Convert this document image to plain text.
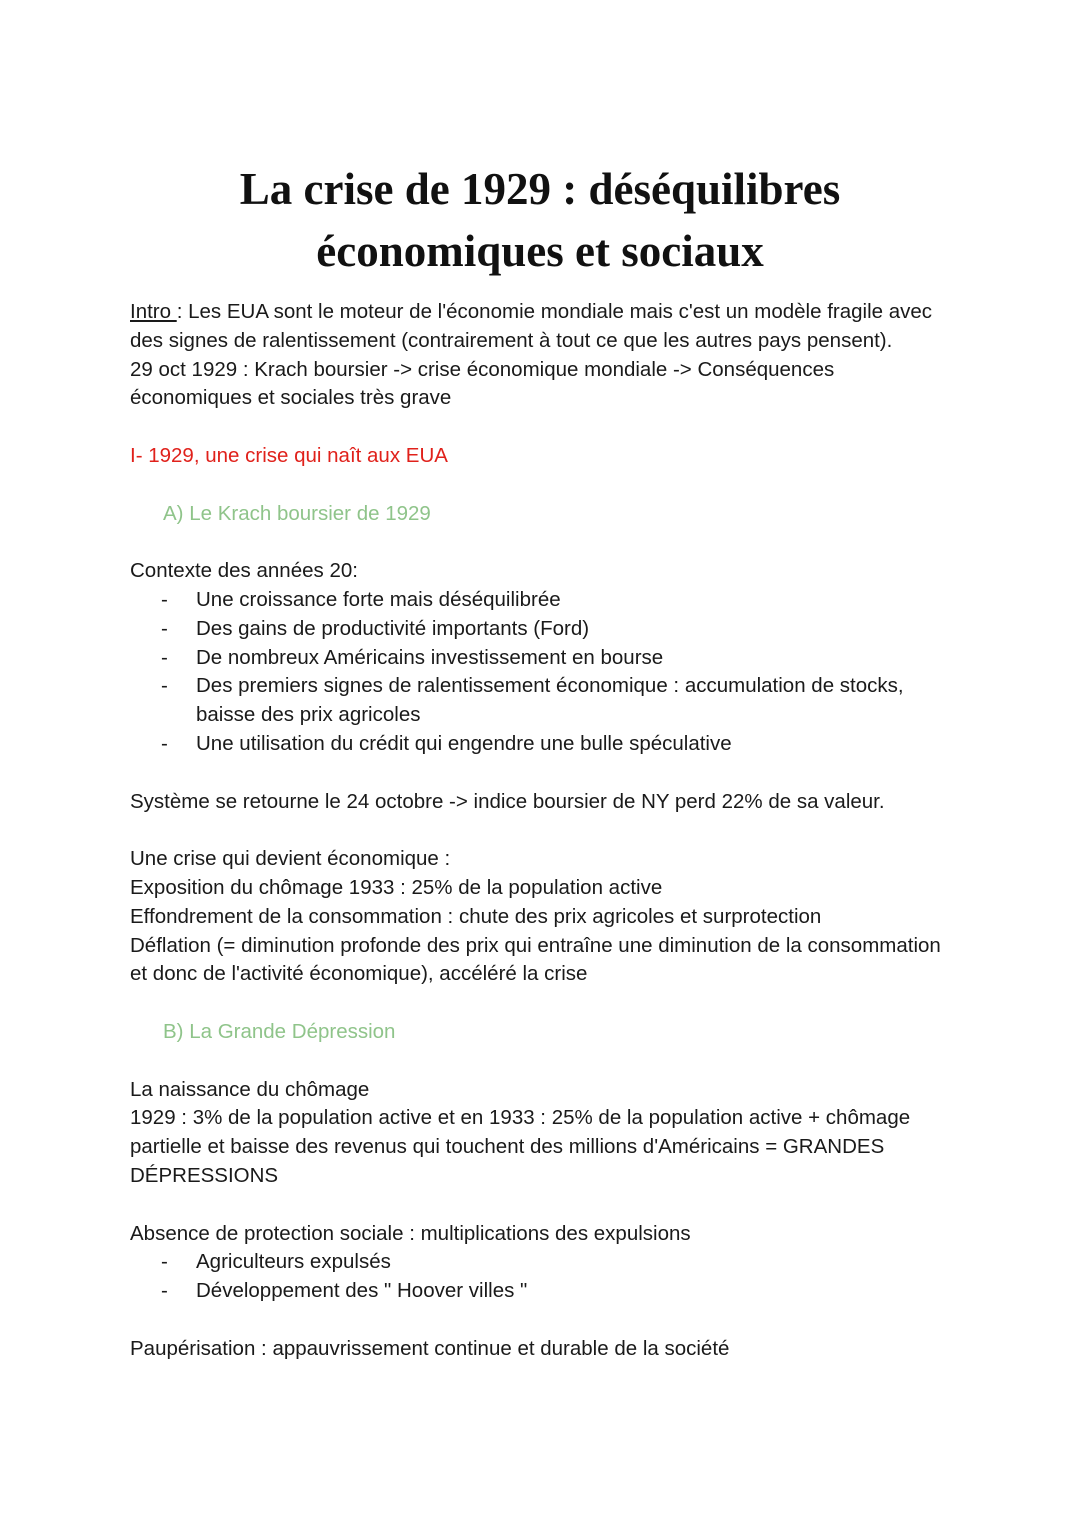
La crise de 1929 : déséquilibres
économiques et sociaux

Intro : Les EUA sont le moteur de l'économie mondiale mais c'est un modèle fragile avec des signes de ralentissement (contrairement à tout ce que les autres pays pensent).

29 oct 1929 : Krach boursier -> crise économique mondiale -> Conséquences économiques et sociales très grave

I- 1929, une crise qui naît aux EUA

A) Le Krach boursier de 1929

Contexte des années 20:

- Une croissance forte mais déséquilibrée
- Des gains de productivité importants (Ford)
- De nombreux Américains investissement en bourse
- Des premiers signes de ralentissement économique : accumulation de stocks, baisse des prix agricoles
- Une utilisation du crédit qui engendre une bulle spéculative

Système se retourne le 24 octobre -> indice boursier de NY perd 22% de sa valeur.

Une crise qui devient économique :

Exposition du chômage 1933 : 25% de la population active

Effondrement de la consommation : chute des prix agricoles et surprotection

Déflation (= diminution profonde des prix qui entraîne une diminution de la consommation et donc de l'activité économique), accéléré la crise

B) La Grande Dépression

La naissance du chômage

1929 : 3% de la population active et en 1933 : 25% de la population active + chômage partielle et baisse des revenus qui touchent des millions d'Américains = GRANDES DÉPRESSIONS

Absence de protection sociale : multiplications des expulsions

- Agriculteurs expulsés
- Développement des " Hoover villes "

Paupérisation : appauvrissement continue et durable de la société
